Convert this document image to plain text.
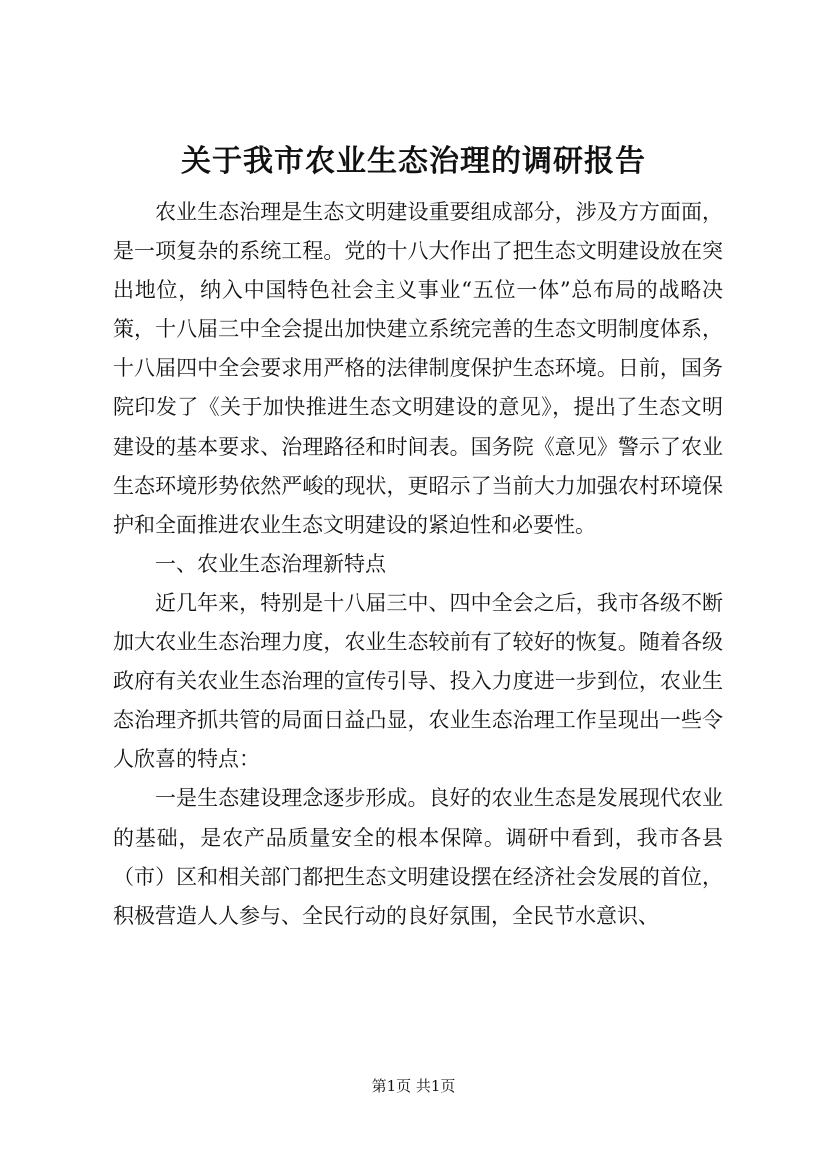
关于我市农业生态治理的调研报告

农业生态治理是生态文明建设重要组成部分，涉及方方面面，是一项复杂的系统工程。党的十八大作出了把生态文明建设放在突出地位，纳入中国特色社会主义事业“五位一体”总布局的战略决策，十八届三中全会提出加快建立系统完善的生态文明制度体系，十八届四中全会要求用严格的法律制度保护生态环境。日前，国务院印发了《关于加快推进生态文明建设的意见》，提出了生态文明建设的基本要求、治理路径和时间表。国务院《意见》警示了农业生态环境形势依然严峻的现状，更昭示了当前大力加强农村环境保护和全面推进农业生态文明建设的紧迫性和必要性。

一、农业生态治理新特点

近几年来，特别是十八届三中、四中全会之后，我市各级不断加大农业生态治理力度，农业生态较前有了较好的恢复。随着各级政府有关农业生态治理的宣传引导、投入力度进一步到位，农业生态治理齐抓共管的局面日益凸显，农业生态治理工作呈现出一些令人欣喜的特点：

一是生态建设理念逐步形成。良好的农业生态是发展现代农业的基础，是农产品质量安全的根本保障。调研中看到，我市各县（市）区和相关部门都把生态文明建设摆在经济社会发展的首位，积极营造人人参与、全民行动的良好氛围，全民节水意识、

第1页 共1页
